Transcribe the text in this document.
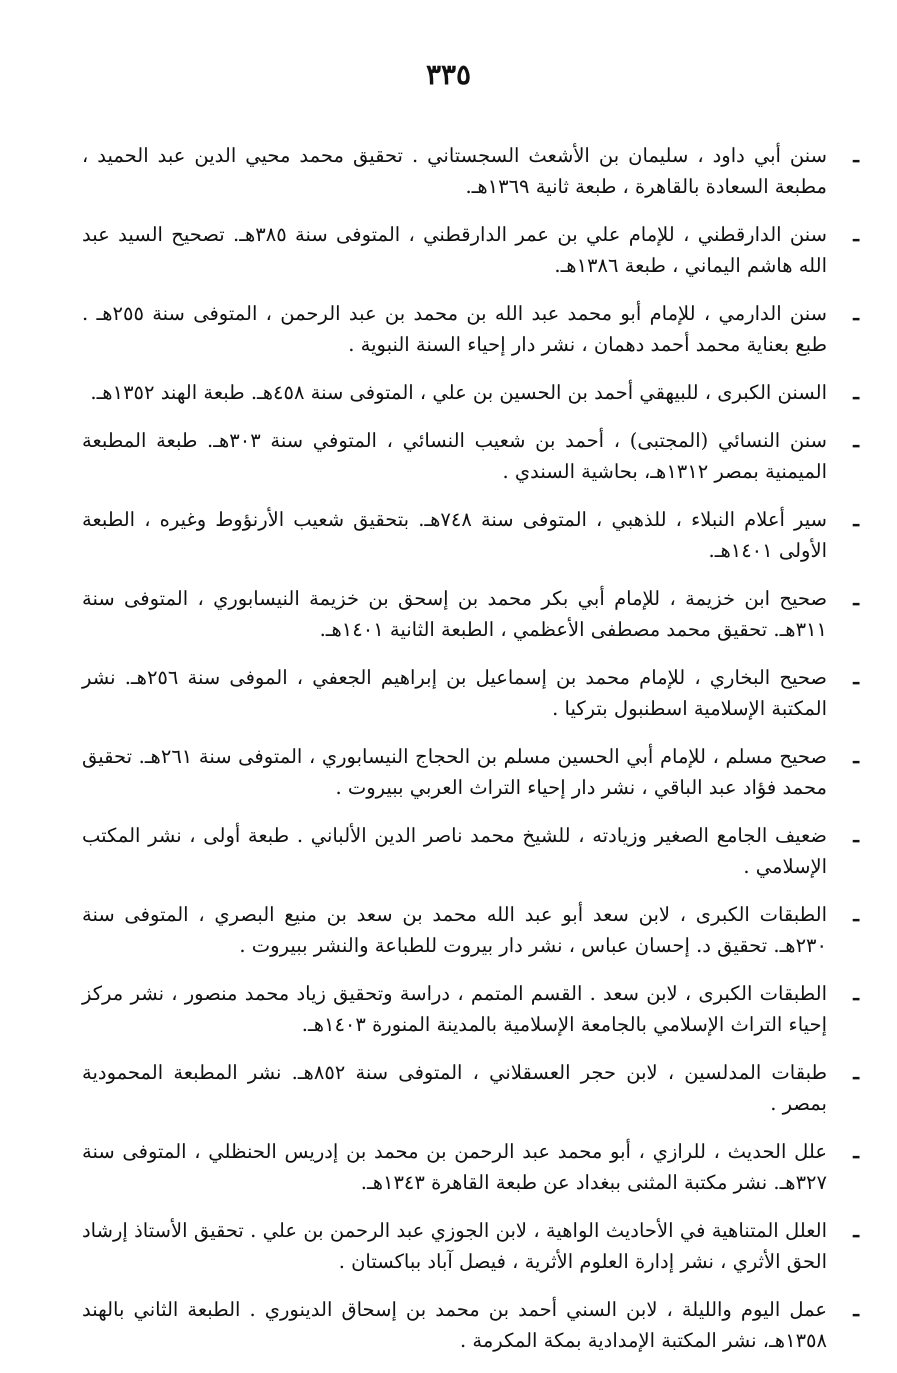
٣٣٥
ـ
سنن أبي داود ، سليمان بن الأشعث السجستاني . تحقيق محمد محيي الدين عبد الحميد ، مطبعة السعادة بالقاهرة ، طبعة ثانية ١٣٦٩هـ.
ـ
سنن الدارقطني ، للإمام علي بن عمر الدارقطني ، المتوفى سنة ٣٨٥هـ. تصحيح السيد عبد الله هاشم اليماني ، طبعة ١٣٨٦هـ.
ـ
سنن الدارمي ، للإمام أبو محمد عبد الله بن محمد بن عبد الرحمن ، المتوفى سنة ٢٥٥هـ . طبع بعناية محمد أحمد دهمان ، نشر دار إحياء السنة النبوية .
ـ
السنن الكبرى ، للبيهقي أحمد بن الحسين بن علي ، المتوفى سنة ٤٥٨هـ. طبعة الهند ١٣٥٢هـ.
ـ
سنن النسائي (المجتبى) ، أحمد بن شعيب النسائي ، المتوفي سنة ٣٠٣هـ. طبعة المطبعة الميمنية بمصر ١٣١٢هـ، بحاشية السندي .
ـ
سير أعلام النبلاء ، للذهبي ، المتوفى سنة ٧٤٨هـ. بتحقيق شعيب الأرنؤوط وغيره ، الطبعة الأولى ١٤٠١هـ.
ـ
صحيح ابن خزيمة ، للإمام أبي بكر محمد بن إسحق بن خزيمة النيسابوري ، المتوفى سنة ٣١١هـ. تحقيق محمد مصطفى الأعظمي ، الطبعة الثانية ١٤٠١هـ.
ـ
صحيح البخاري ، للإمام محمد بن إسماعيل بن إبراهيم الجعفي ، الموفى سنة ٢٥٦هـ. نشر المكتبة الإسلامية اسطنبول بتركيا .
ـ
صحيح مسلم ، للإمام أبي الحسين مسلم بن الحجاج النيسابوري ، المتوفى سنة ٢٦١هـ. تحقيق محمد فؤاد عبد الباقي ، نشر دار إحياء التراث العربي ببيروت .
ـ
ضعيف الجامع الصغير وزيادته ، للشيخ محمد ناصر الدين الألباني . طبعة أولى ، نشر المكتب الإسلامي .
ـ
الطبقات الكبرى ، لابن سعد أبو عبد الله محمد بن سعد بن منيع البصري ، المتوفى سنة ٢٣٠هـ. تحقيق د. إحسان عباس ، نشر دار بيروت للطباعة والنشر ببيروت .
ـ
الطبقات الكبرى ، لابن سعد . القسم المتمم ، دراسة وتحقيق زياد محمد منصور ، نشر مركز إحياء التراث الإسلامي بالجامعة الإسلامية بالمدينة المنورة ١٤٠٣هـ.
ـ
طبقات المدلسين ، لابن حجر العسقلاني ، المتوفى سنة ٨٥٢هـ. نشر المطبعة المحمودية بمصر .
ـ
علل الحديث ، للرازي ، أبو محمد عبد الرحمن بن محمد بن إدريس الحنظلي ، المتوفى سنة ٣٢٧هـ. نشر مكتبة المثنى ببغداد عن طبعة القاهرة ١٣٤٣هـ.
ـ
العلل المتناهية في الأحاديث الواهية ، لابن الجوزي عبد الرحمن بن علي . تحقيق الأستاذ إرشاد الحق الأثري ، نشر إدارة العلوم الأثرية ، فيصل آباد بباكستان .
ـ
عمل اليوم والليلة ، لابن السني أحمد بن محمد بن إسحاق الدينوري . الطبعة الثاني بالهند ١٣٥٨هـ، نشر المكتبة الإمدادية بمكة المكرمة .
